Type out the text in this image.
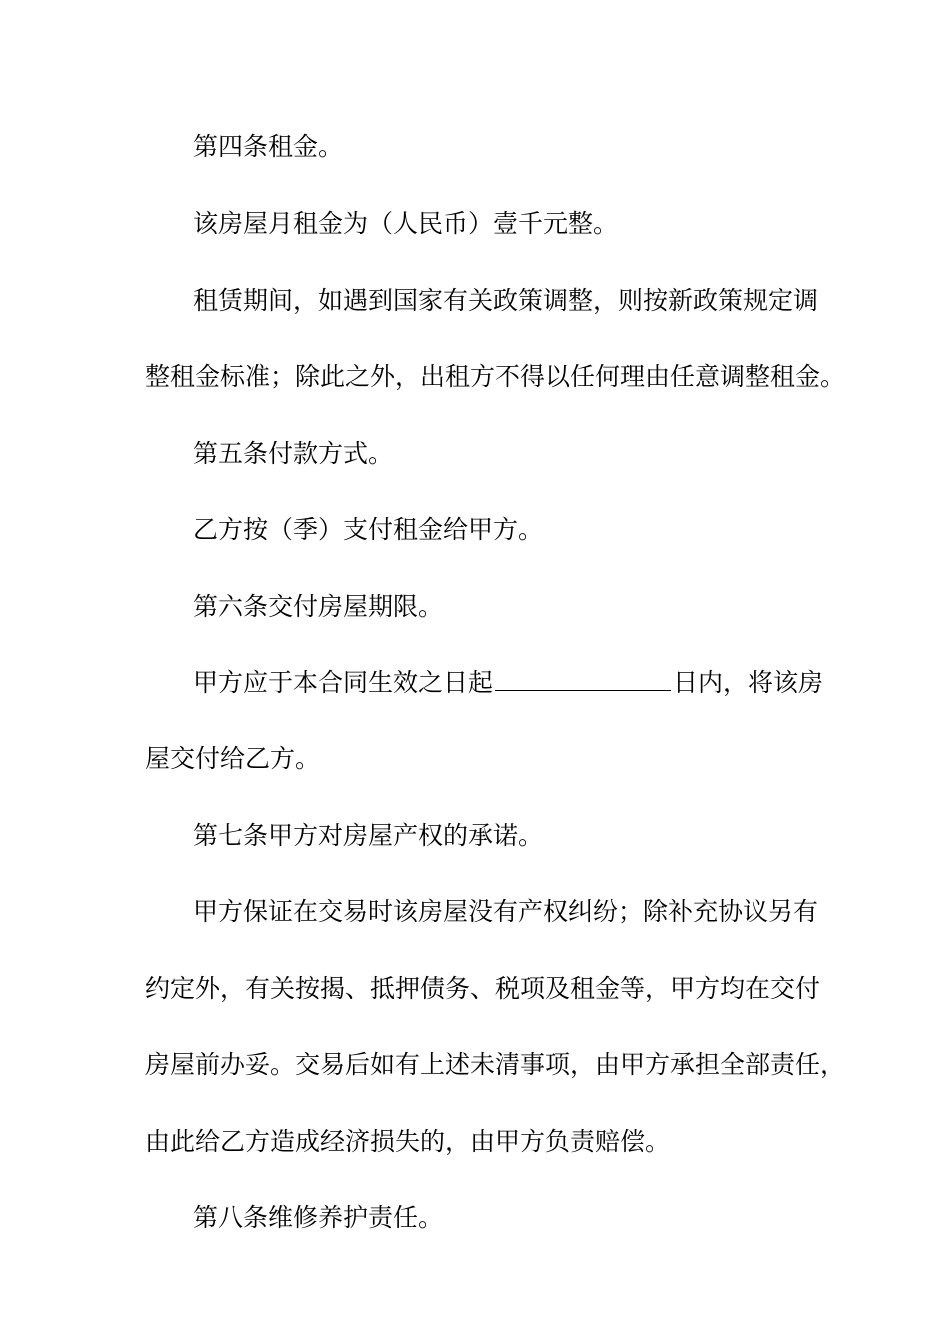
第四条租金。
该房屋月租金为（人民币）壹千元整。
租赁期间，如遇到国家有关政策调整，则按新政策规定调
整租金标准；除此之外，出租方不得以任何理由任意调整租金。
第五条付款方式。
乙方按（季）支付租金给甲方。
第六条交付房屋期限。
甲方应于本合同生效之日起	日内，将该房
屋交付给乙方。
第七条甲方对房屋产权的承诺。
甲方保证在交易时该房屋没有产权纠纷；除补充协议另有
约定外，有关按揭、抵押债务、税项及租金等，甲方均在交付
房屋前办妥。交易后如有上述未清事项，由甲方承担全部责任，
由此给乙方造成经济损失的，由甲方负责赔偿。
第八条维修养护责任。
